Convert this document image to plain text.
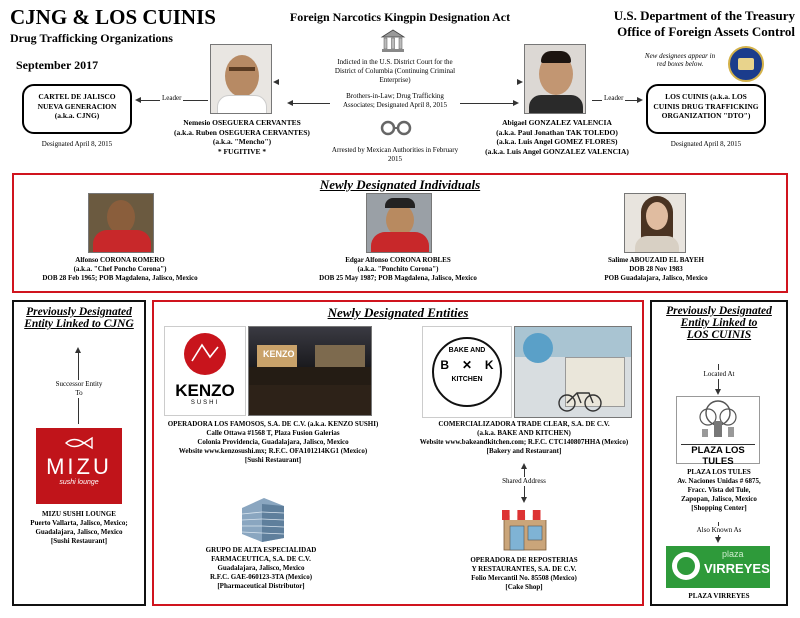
CJNG & LOS CUINIS
Drug Trafficking Organizations
September 2017
Foreign Narcotics Kingpin Designation Act	U.S. Department of the Treasury
Office of Foreign Assets Control
New designees appear in red boxes below.
CARTEL DE JALISCO NUEVA GENERACION
(a.k.a. CJNG)
Designated April 8, 2015
Leader
Nemesio OSEGUERA CERVANTES
(a.k.a. Ruben OSEGUERA CERVANTES)
(a.k.a. "Mencho")
* FUGITIVE *
Indicted in the U.S. District Court for the District of Columbia (Continuing Criminal Enterprise)
Brothers-in-Law; Drug Trafficking Associates; Designated April 8, 2015
Arrested by Mexican Authorities in February 2015
Abigael GONZALEZ VALENCIA
(a.k.a. Paul Jonathan TAK TOLEDO)
(a.k.a. Luis Angel GOMEZ FLORES)
(a.k.a. Luis Angel GONZALEZ VALENCIA)
Leader	LOS CUINIS (a.k.a. LOS CUINIS DRUG TRAFFICKING ORGANIZATION "DTO")
Designated April 8, 2015
Newly Designated Individuals
Alfonso CORONA ROMERO
(a.k.a. "Chef Poncho Corona")
DOB 28 Feb 1965; POB Magdalena, Jalisco, Mexico
Edgar Alfonso CORONA ROBLES
(a.k.a. "Ponchito Corona")
DOB 25 May 1987; POB Magdalena, Jalisco, Mexico
Salime ABOUZAID EL BAYEH
DOB 28 Nov 1983
POB Guadalajara, Jalisco, Mexico
Previously Designated
Entity Linked to CJNG
Successor Entity To
MIZU
sushi lounge
MIZU SUSHI LOUNGE
Puerto Vallarta, Jalisco, Mexico;
Guadalajara, Jalisco, Mexico
[Sushi Restaurant]
Newly Designated Entities
KENZO
SUSHI
KENZO
OPERADORA LOS FAMOSOS, S.A. DE C.V. (a.k.a. KENZO SUSHI)
Calle Ottawa #1568 T, Plaza Fusion Galerias
Colonia Providencia, Guadalajara, Jalisco, Mexico
Website www.kenzosushi.mx; R.F.C. OFA101214KG1 (Mexico)
[Sushi Restaurant]
BAKE AND
B ✕ K
KITCHEN
COMERCIALIZADORA TRADE CLEAR, S.A. DE C.V.
(a.k.a. BAKE AND KITCHEN)
Website www.bakeandkitchen.com; R.F.C. CTC140807HHA (Mexico)
[Bakery and Restaurant]
Shared Address
GRUPO DE ALTA ESPECIALIDAD
FARMACEUTICA, S.A. DE C.V.
Guadalajara, Jalisco, Mexico
R.F.C. GAE-060123-3TA (Mexico)
[Pharmaceutical Distributor]
OPERADORA DE REPOSTERIAS
Y RESTAURANTES, S.A. DE C.V.
Folio Mercantil No. 85508 (Mexico)
[Cake Shop]
Previously Designated
Entity Linked to
LOS CUINIS
Located At
PLAZA LOS TULES
PLAZA LOS TULES
Av. Naciones Unidas # 6875,
Fracc. Vista del Tule,
Zapopan, Jalisco, Mexico
[Shopping Center]
Also Known As
plaza
VIRREYES
PLAZA VIRREYES
